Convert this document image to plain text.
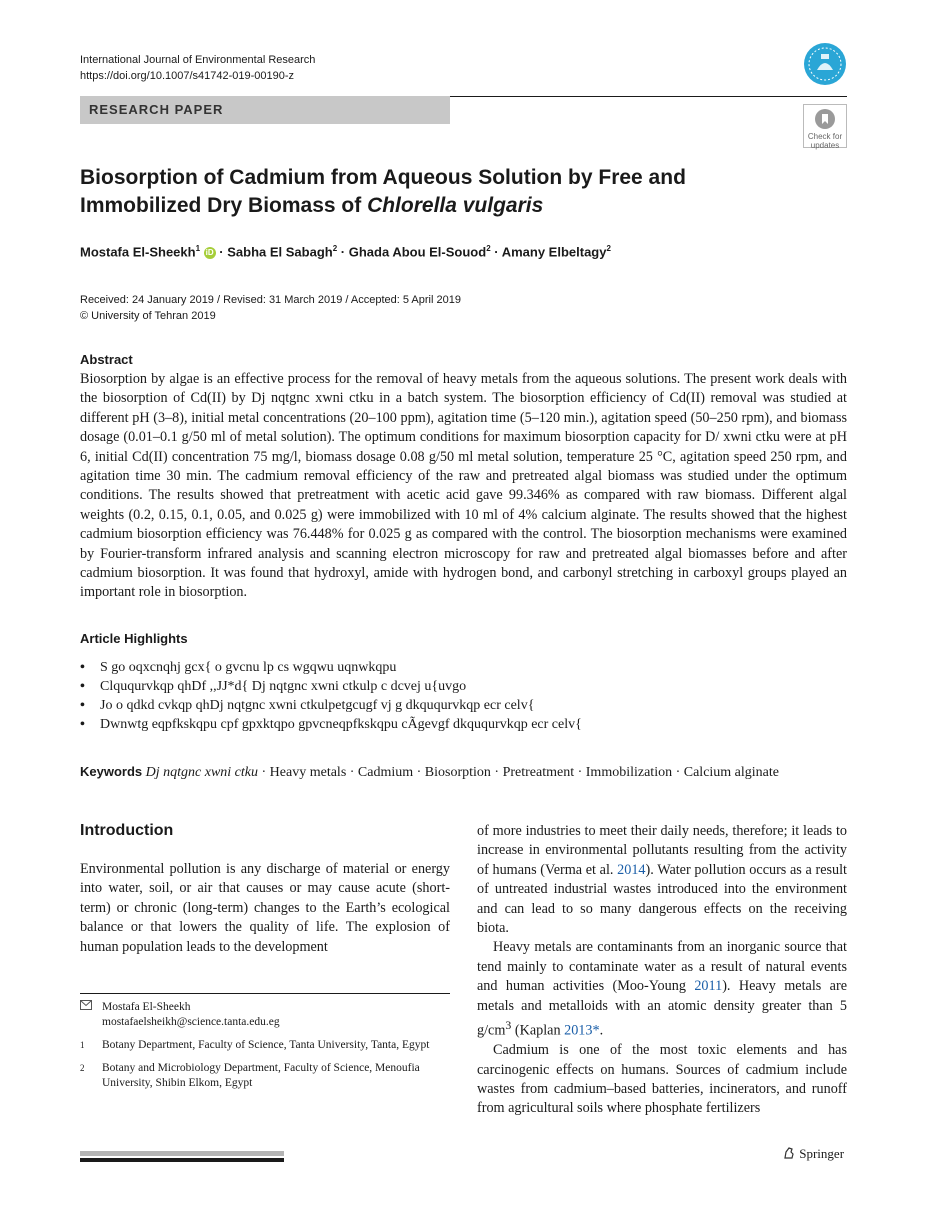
International Journal of Environmental Research
https://doi.org/10.1007/s41742-019-00190-z
RESEARCH PAPER
Check for
updates
Biosorption of Cadmium from Aqueous Solution by Free and Immobilized Dry Biomass of Chlorella vulgaris
Mostafa El-Sheekh$^1$ iD · Sabha El Sabagh$^2$ · Ghada Abou El-Souod$^2$ · Amany Elbeltagy$^2$
Received: 24 January 2019 / Revised: 31 March 2019 / Accepted: 5 April 2019
© University of Tehran 2019
Abstract
Biosorption by algae is an effective process for the removal of heavy metals from the aqueous solutions. The present work deals with the biosorption of Cd(II) by Dj nqtgnc xwni ctku in a batch system. The biosorption efficiency of Cd(II) removal was studied at different pH (3–8), initial metal concentrations (20–100 ppm), agitation time (5–120 min.), agitation speed (50–250 rpm), and biomass dosage (0.01–0.1 g/50 ml of metal solution). The optimum conditions for maximum biosorption capacity for D/ xwni ctku were at pH 6, initial Cd(II) concentration 75 mg/l, biomass dosage 0.08 g/50 ml metal solution, temperature 25 °C, agitation speed 250 rpm, and agitation time 30 min. The cadmium removal efficiency of the raw and pretreated algal biomass was studied under the optimum conditions. The results showed that pretreatment with acetic acid gave 99.346% as compared with raw biomass. Different algal weights (0.2, 0.15, 0.1, 0.05, and 0.025 g) were immobilized with 10 ml of 4% calcium alginate. The results showed that the highest cadmium biosorption efficiency was 76.448% for 0.025 g as compared with the control. The biosorption mechanisms were examined by Fourier-transform infrared analysis and scanning electron microscopy for raw and pretreated algal biomasses before and after cadmium biosorption. It was found that hydroxyl, amide with hydrogen bond, and carbonyl stretching in carboxyl groups played an important role in biosorption.
Article Highlights
• S go oqxcnqhj gcx{ o gvcnu lp cs wgqwu uqnwkqpu
• Clququrvkqp qhDf ,,JJ*d{ Dj nqtgnc xwni ctkulp c dcvej u{uvgo
• Jo o qdkd cvkqp qhDj nqtgnc xwni ctkulpetgcugf vj g dkququrvkqp ecr celv{
• Dwnwtg eqpfkskqpu cpf gpxktqpo gpvcneqpfkskqpu cÃgevgf dkququrvkqp ecr celv{
Keywords Dj nqtgnc xwni ctku · Heavy metals · Cadmium · Biosorption · Pretreatment · Immobilization · Calcium alginate
Introduction
Environmental pollution is any discharge of material or energy into water, soil, or air that causes or may cause acute (short-term) or chronic (long-term) changes to the Earth’s ecological balance or that lowers the quality of life. The explosion of human population leads to the development

of more industries to meet their daily needs, therefore; it leads to increase in environmental pollutants resulting from the activity of humans (Verma et al. 2014). Water pollution occurs as a result of untreated industrial wastes introduced into the environment and can lead to so many dangerous effects on the receiving biota.

Heavy metals are contaminants from an inorganic source that tend mainly to contaminate water as a result of natural events and human activities (Moo-Young 2011). Heavy metals are metals and metalloids with an atomic density greater than 5 $g/cm^3$ (Kaplan 2013*.

Cadmium is one of the most toxic elements and has carcinogenic effects on humans. Sources of cadmium include wastes from cadmium–based batteries, incinerators, and runoff from agricultural soils where phosphate fertilizers

Mostafa El-Sheekh
mostafaelsheikh@science.tanta.edu.eg
1 Botany Department, Faculty of Science, Tanta University, Tanta, Egypt
2 Botany and Microbiology Department, Faculty of Science, Menoufia University, Shibin Elkom, Egypt
Springer
